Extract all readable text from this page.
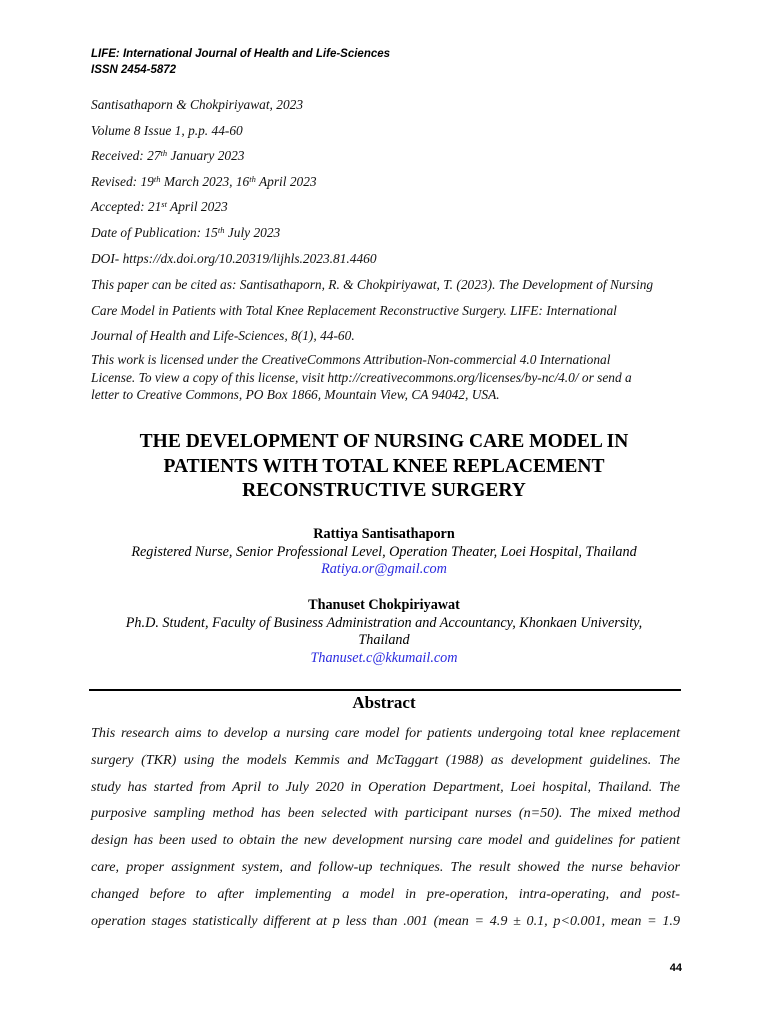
LIFE: International Journal of Health and Life-Sciences
ISSN 2454-5872
Santisathaporn & Chokpiriyawat, 2023
Volume 8 Issue 1, p.p. 44-60
Received: 27th January 2023
Revised: 19th March 2023, 16th April 2023
Accepted: 21st April 2023
Date of Publication: 15th July 2023
DOI- https://dx.doi.org/10.20319/lijhls.2023.81.4460
This paper can be cited as: Santisathaporn, R. & Chokpiriyawat, T. (2023). The Development of Nursing
Care Model in Patients with Total Knee Replacement Reconstructive Surgery. LIFE: International
Journal of Health and Life-Sciences, 8(1), 44-60.
This work is licensed under the CreativeCommons Attribution-Non-commercial 4.0 International
License. To view a copy of this license, visit http://creativecommons.org/licenses/by-nc/4.0/ or send a
letter to Creative Commons, PO Box 1866, Mountain View, CA 94042, USA.
THE DEVELOPMENT OF NURSING CARE MODEL IN
PATIENTS WITH TOTAL KNEE REPLACEMENT
RECONSTRUCTIVE SURGERY
Rattiya Santisathaporn
Registered Nurse, Senior Professional Level, Operation Theater, Loei Hospital, Thailand
Ratiya.or@gmail.com
Thanuset Chokpiriyawat
Ph.D. Student, Faculty of Business Administration and Accountancy, Khonkaen University,
Thailand
Thanuset.c@kkumail.com
Abstract
This research aims to develop a nursing care model for patients undergoing total knee replacement
surgery (TKR) using the models Kemmis and McTaggart (1988) as development guidelines. The
study has started from April to July 2020 in Operation Department, Loei hospital, Thailand. The
purposive sampling method has been selected with participant nurses (n=50). The mixed method
design has been used to obtain the new development nursing care model and guidelines for patient
care, proper assignment system, and follow-up techniques. The result showed the nurse behavior
changed before to after implementing a model in pre-operation, intra-operating, and post-
operation stages statistically different at p less than .001 (mean = 4.9 ± 0.1, p<0.001, mean = 1.9
44
